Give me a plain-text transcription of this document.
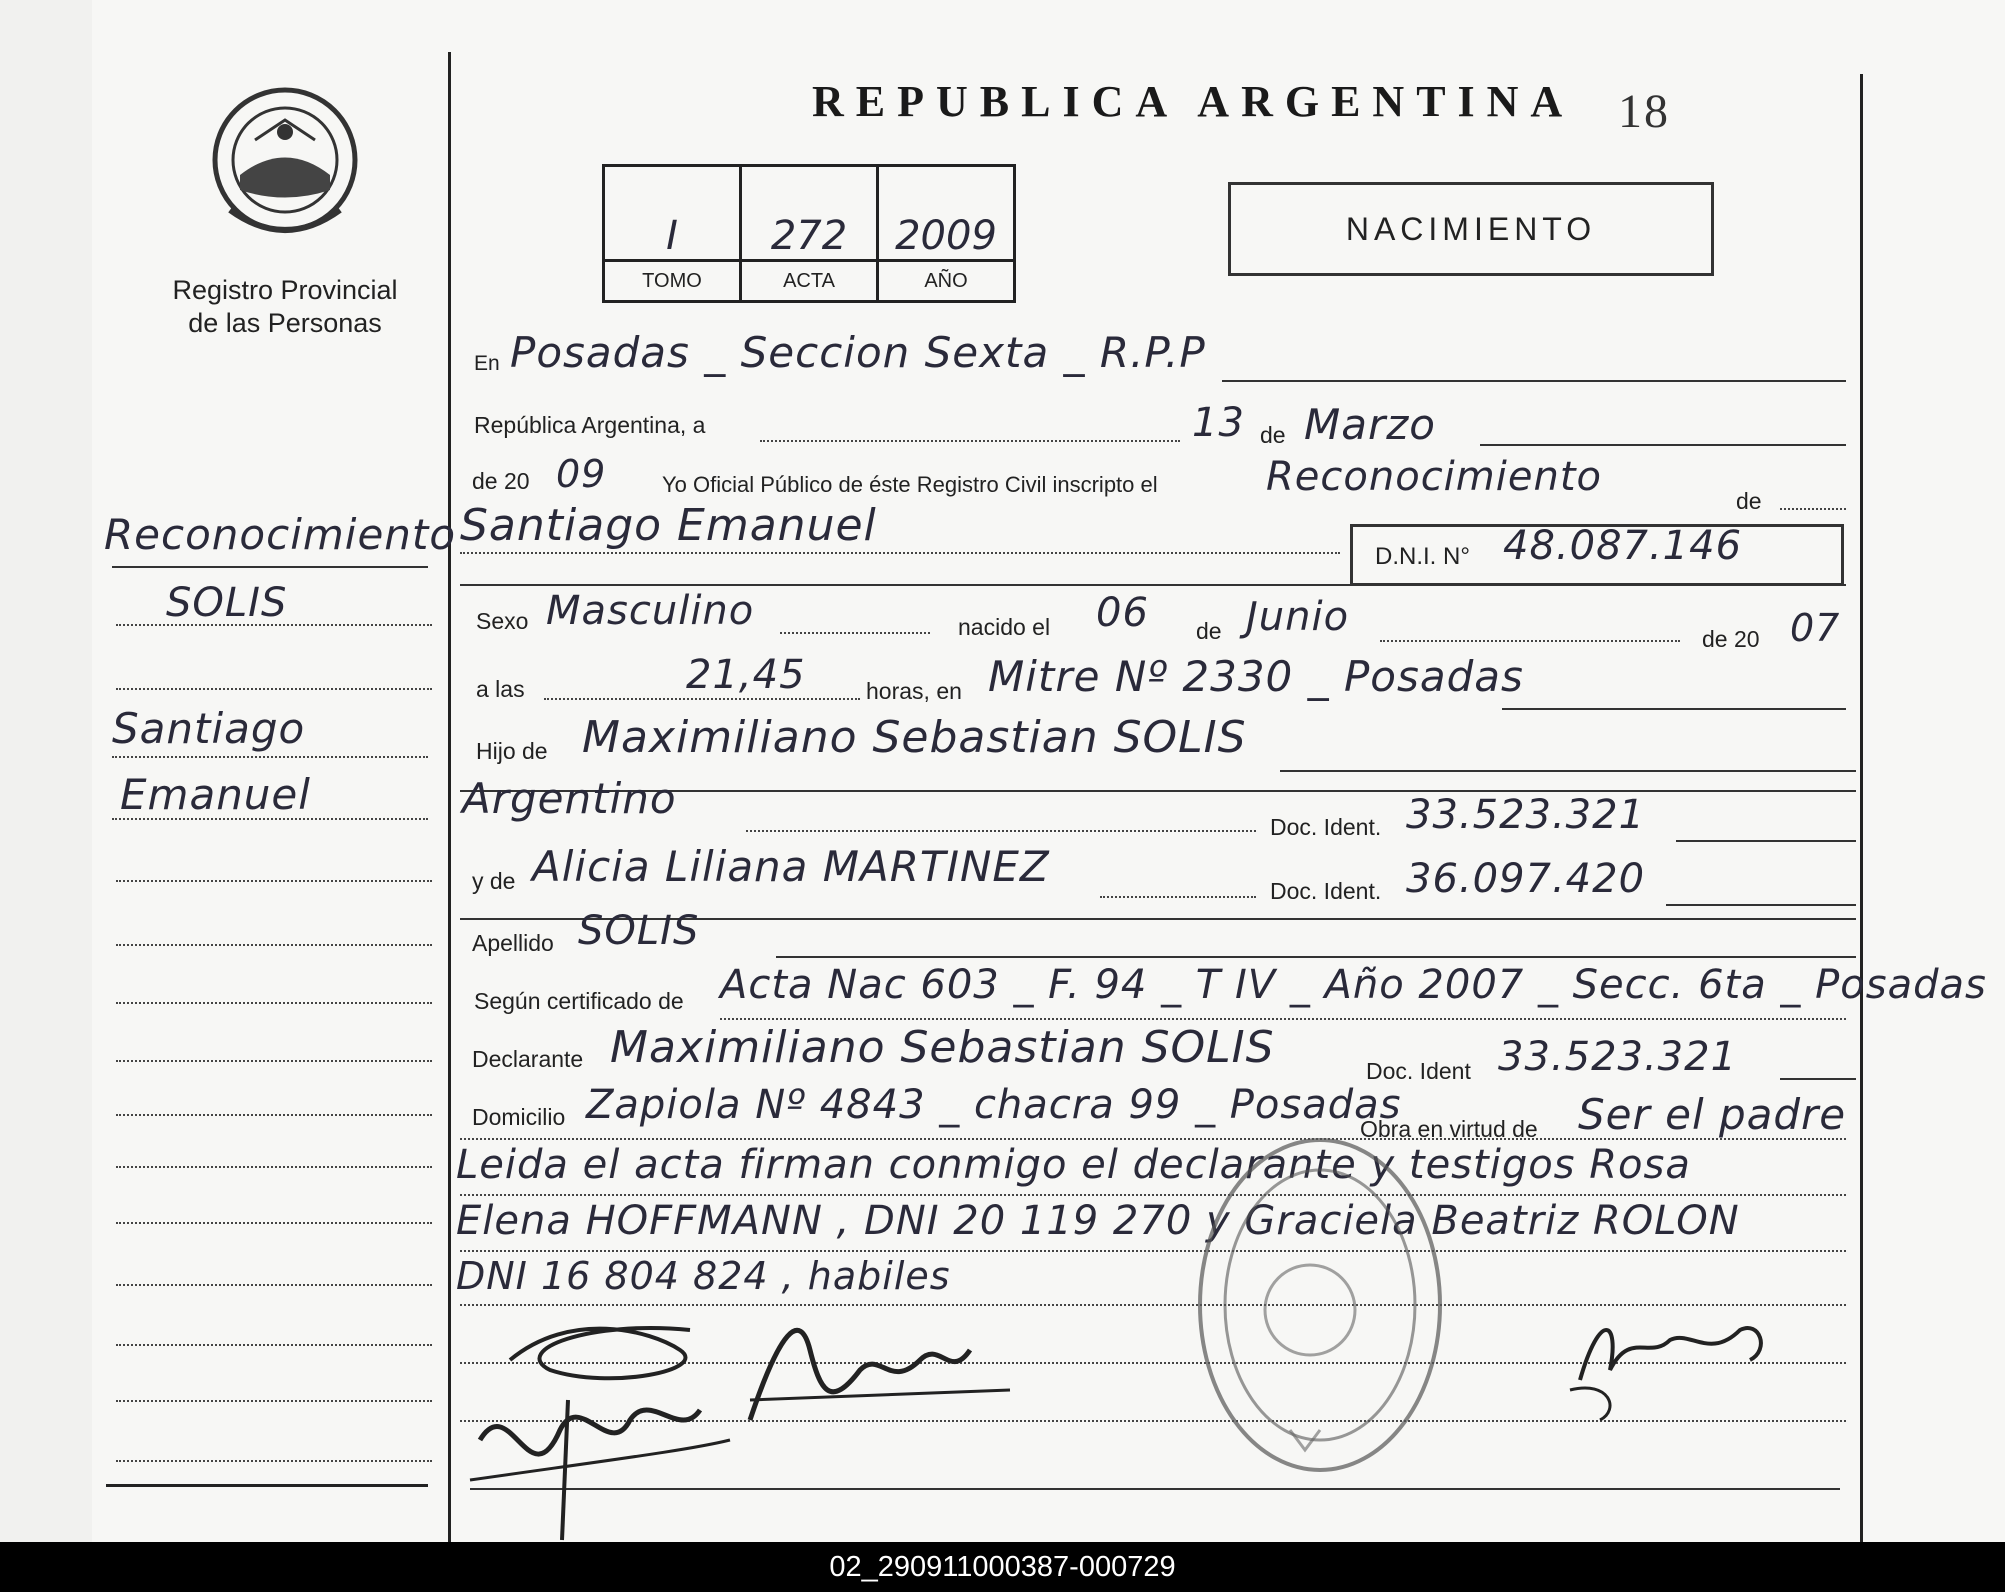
Registro Provincial
de las Personas
REPUBLICA ARGENTINA 18
I	272	2009
TOMO	ACTA	AÑO
NACIMIENTO
En Posadas _ Seccion Sexta _ R.P.P
República Argentina, a	13 de Marzo
de 20 09	Yo Oficial Público de éste Registro Civil inscripto el	Reconocimiento
de
Santiago Emanuel
D.N.I. N° 48.087.146
Sexo Masculino	nacido el 06 de Junio	de 20 07
a las	21,45	horas, en Mitre Nº 2330 _ Posadas
Hijo de Maximiliano Sebastian SOLIS
Argentino
Doc. Ident. 33.523.321
y de Alicia Liliana MARTINEZ	Doc. Ident. 36.097.420
Apellido SOLIS
Según certificado de Acta Nac 603 _ F. 94 _ T IV _ Año 2007 _ Secc. 6ta _ Posadas
Declarante Maximiliano Sebastian SOLIS	Doc. Ident 33.523.321
Domicilio Zapiola Nº 4843 _ chacra 99 _ Posadas
Obra en virtud de Ser el padre
Leida el acta firman conmigo el declarante y testigos Rosa
Elena HOFFMANN , DNI 20 119 270 y Graciela Beatriz ROLON
DNI 16 804 824 , habiles
Reconocimiento
SOLIS
Santiago
Emanuel
02_290911000387-000729
